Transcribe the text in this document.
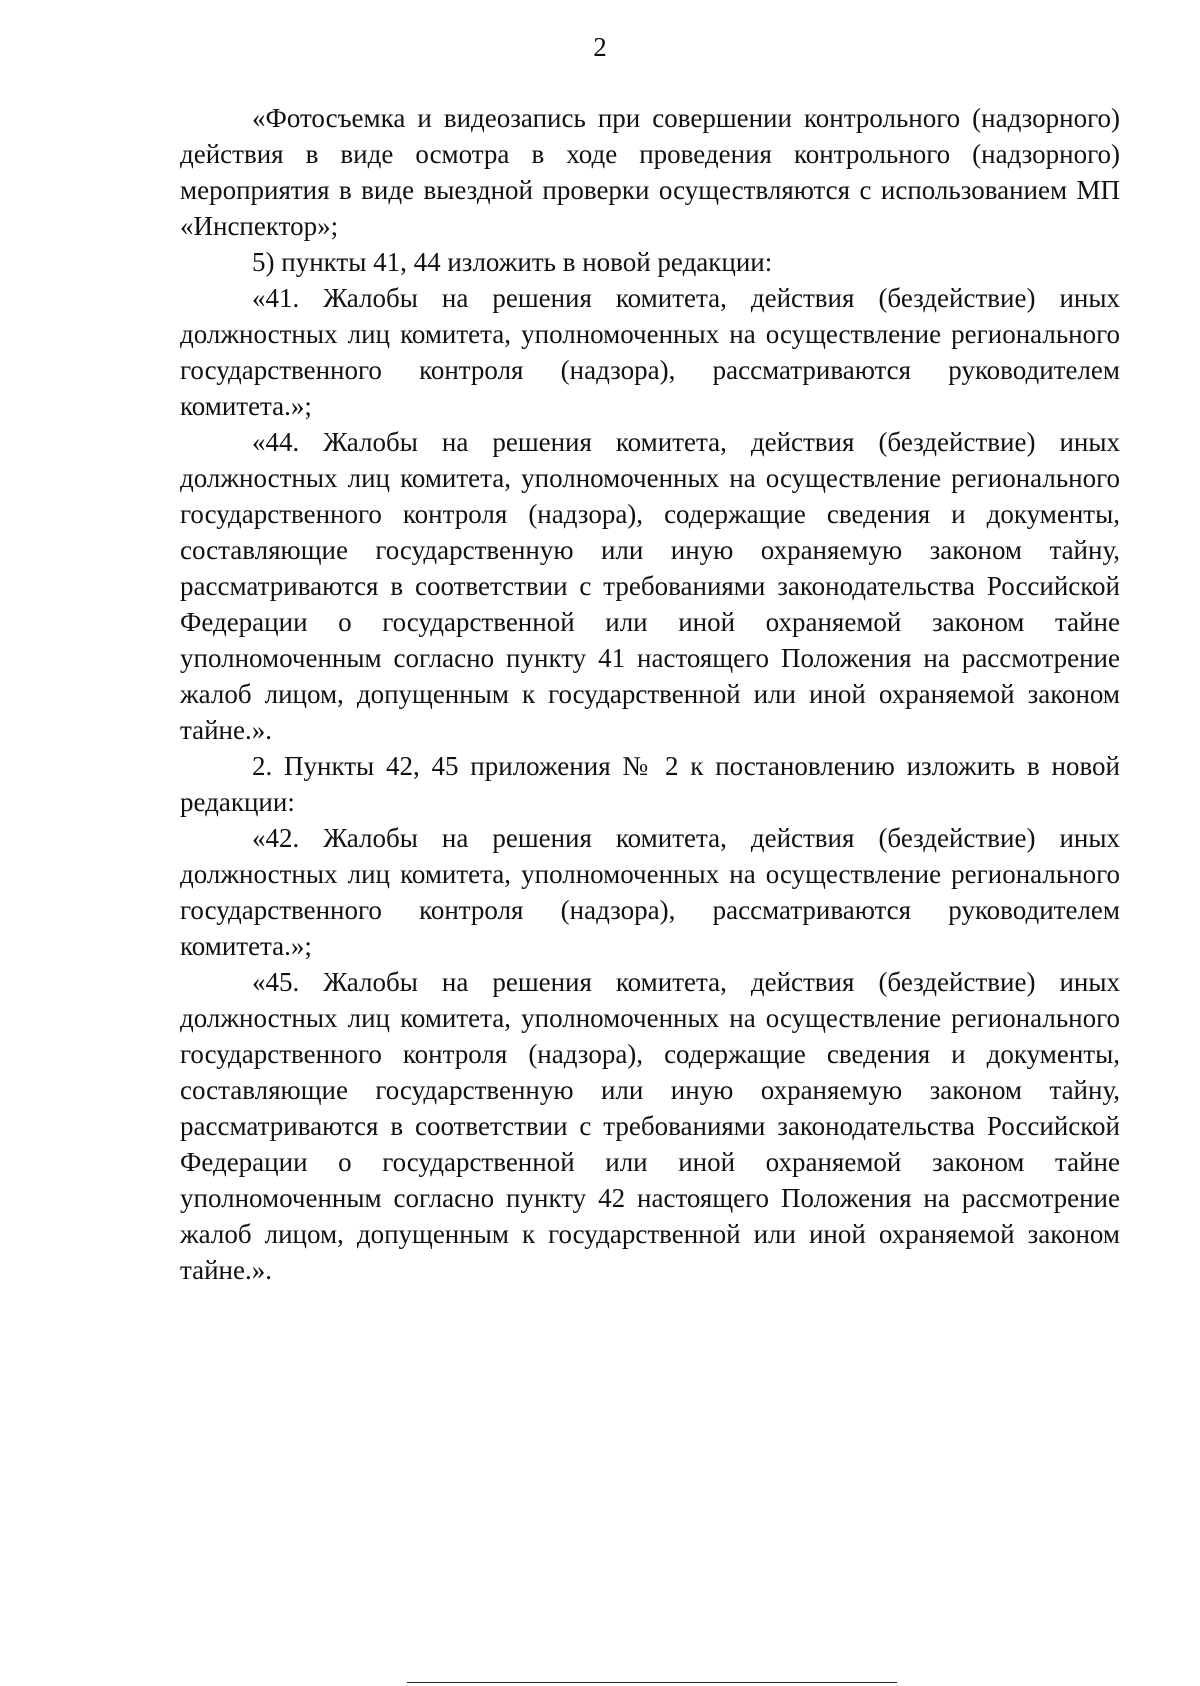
2

«Фотосъемка и видеозапись при совершении контрольного (надзорного) действия в виде осмотра в ходе проведения контрольного (надзорного) мероприятия в виде выездной проверки осуществляются с использованием МП «Инспектор»;

5) пункты 41, 44 изложить в новой редакции:

«41. Жалобы на решения комитета, действия (бездействие) иных должностных лиц комитета, уполномоченных на осуществление регионального государственного контроля (надзора), рассматриваются руководителем комитета.»;

«44. Жалобы на решения комитета, действия (бездействие) иных должностных лиц комитета, уполномоченных на осуществление регионального государственного контроля (надзора), содержащие сведения и документы, составляющие государственную или иную охраняемую законом тайну, рассматриваются в соответствии с требованиями законодательства Российской Федерации о государственной или иной охраняемой законом тайне уполномоченным согласно пункту 41 настоящего Положения на рассмотрение жалоб лицом, допущенным к государственной или иной охраняемой законом тайне.».

2. Пункты 42, 45 приложения № 2 к постановлению изложить в новой редакции:

«42. Жалобы на решения комитета, действия (бездействие) иных должностных лиц комитета, уполномоченных на осуществление регионального государственного контроля (надзора), рассматриваются руководителем комитета.»;

«45. Жалобы на решения комитета, действия (бездействие) иных должностных лиц комитета, уполномоченных на осуществление регионального государственного контроля (надзора), содержащие сведения и документы, составляющие государственную или иную охраняемую законом тайну, рассматриваются в соответствии с требованиями законодательства Российской Федерации о государственной или иной охраняемой законом тайне уполномоченным согласно пункту 42 настоящего Положения на рассмотрение жалоб лицом, допущенным к государственной или иной охраняемой законом тайне.».
